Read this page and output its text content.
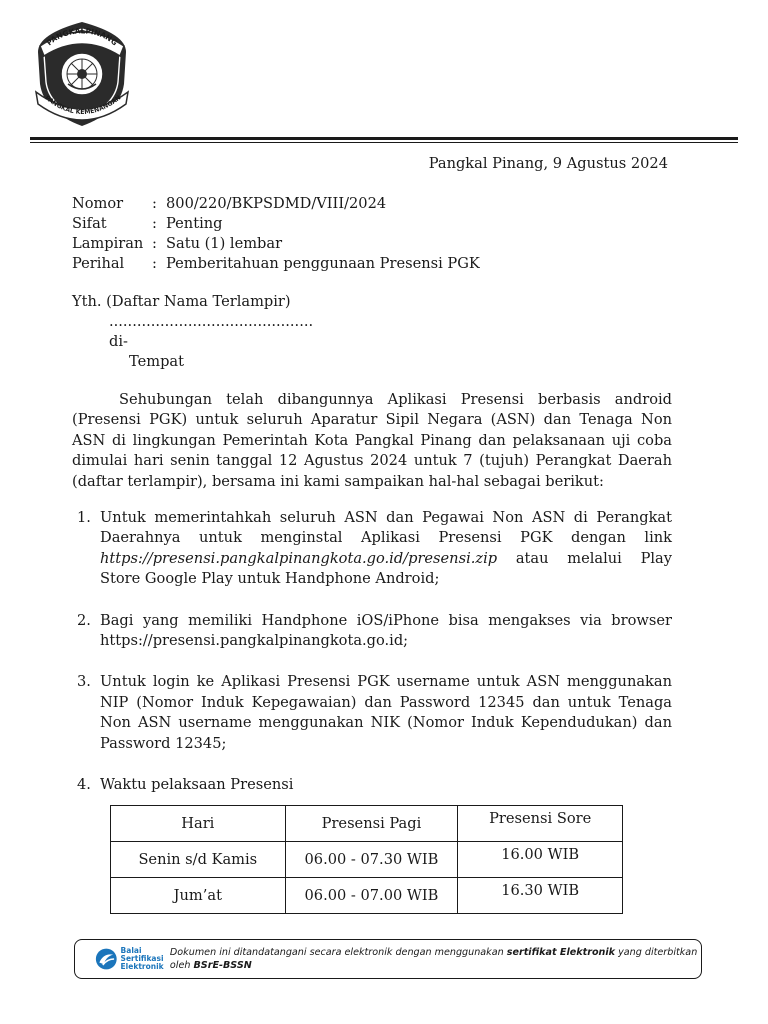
PANGKALPINANG
PANGKAL KEMENANGAN
Pangkal Pinang, 9 Agustus 2024
Nomor	: 800/220/BKPSDMD/VIII/2024
Sifat	: Penting
Lampiran : Satu (1) lembar
Perihal	: Pemberitahuan penggunaan Presensi PGK
Yth. (Daftar Nama Terlampir)
............................................
di-
Tempat

Sehubungan telah dibangunnya Aplikasi Presensi berbasis android (Presensi PGK) untuk seluruh Aparatur Sipil Negara (ASN) dan Tenaga Non ASN di lingkungan Pemerintah Kota Pangkal Pinang dan pelaksanaan uji coba dimulai hari senin tanggal 12 Agustus 2024 untuk 7 (tujuh) Perangkat Daerah (daftar terlampir), bersama ini kami sampaikan hal-hal sebagai berikut:

1. Untuk memerintahkah seluruh ASN dan Pegawai Non ASN di Perangkat Daerahnya untuk menginstal Aplikasi Presensi PGK dengan link https://presensi.pangkalpinangkota.go.id/presensi.zip atau melalui Play Store Google Play untuk Handphone Android;
2. Bagi yang memiliki Handphone iOS/iPhone bisa mengakses via browser https://presensi.pangkalpinangkota.go.id;
3. Untuk login ke Aplikasi Presensi PGK username untuk ASN menggunakan NIP (Nomor Induk Kepegawaian) dan Password 12345 dan untuk Tenaga Non ASN username menggunakan NIK (Nomor Induk Kependudukan) dan Password 12345;
4. Waktu pelaksaan Presensi
Hari	Presensi Pagi	Presensi Sore
Senin s/d Kamis	06.00 - 07.30 WIB	16.00 WIB
Jum’at	06.00 - 07.00 WIB	16.30 WIB
Balai
Sertifikasi
Elektronik
Dokumen ini ditandatangani secara elektronik dengan menggunakan sertifikat Elektronik yang diterbitkan oleh BSrE-BSSN
